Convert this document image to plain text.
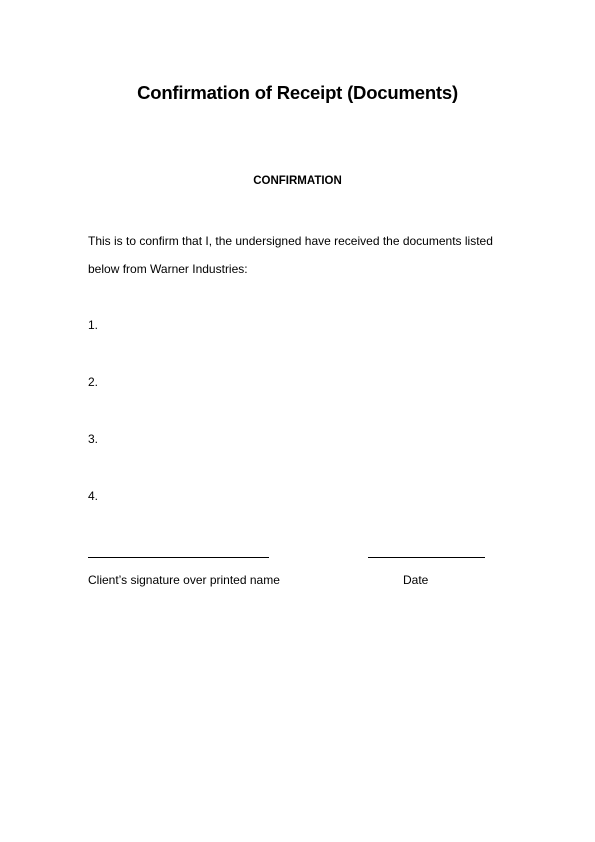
Confirmation of Receipt (Documents)
CONFIRMATION
This is to confirm that I, the undersigned have received the documents listed
below from Warner Industries:
1.
2.
3.
4.
Client’s signature over printed name	Date
